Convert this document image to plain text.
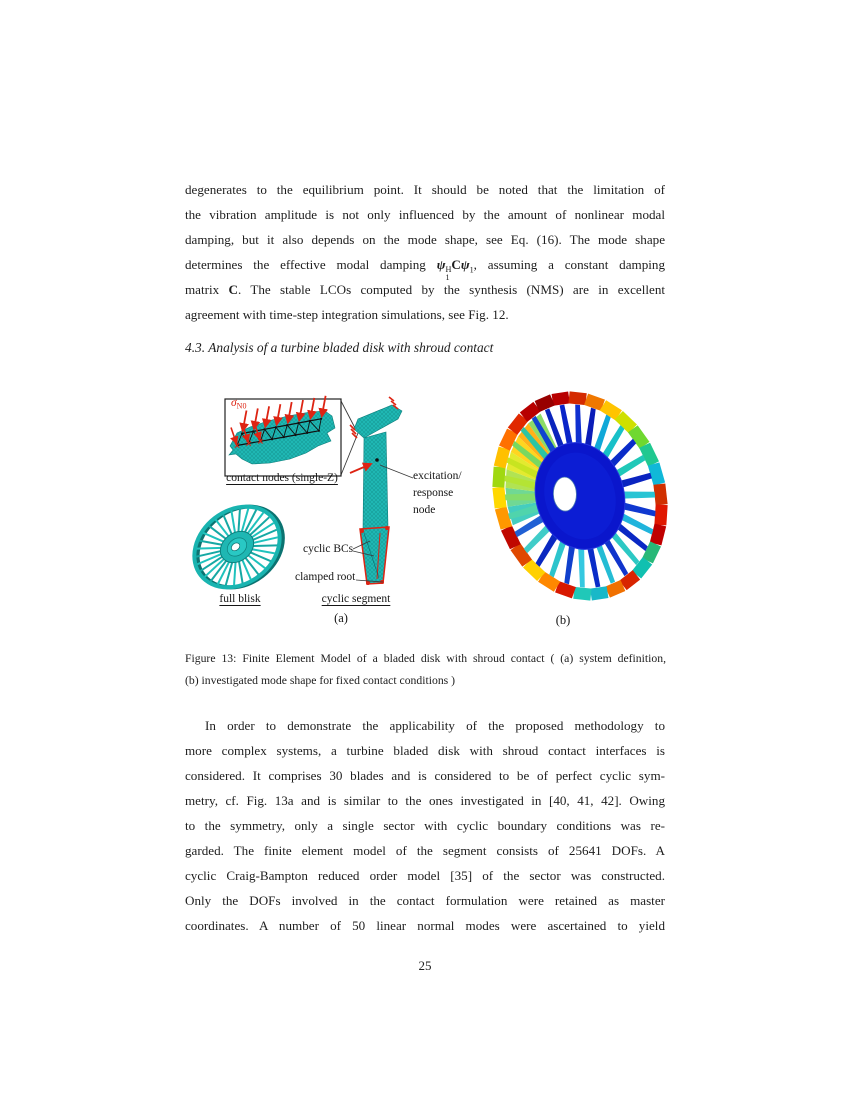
degenerates to the equilibrium point. It should be noted that the limitation of
the vibration amplitude is not only influenced by the amount of nonlinear modal
damping, but it also depends on the mode shape, see Eq. (16). The mode shape
determines the effective modal damping ψ H
1
$C\psi_1$, assuming a constant damping
matrix C. The stable LCOs computed by the synthesis (NMS) are in excellent
agreement with time-step integration simulations, see Fig. 12.
4.3. Analysis of a turbine bladed disk with shroud contact
$\sigma_{N0}$
contact nodes (single-Z)	excitation/
response
node
cyclic BCs
clamped root
full blisk	cyclic segment
(a)	(b)
Figure 13: Finite Element Model of a bladed disk with shroud contact ( (a) system definition,
(b) investigated mode shape for fixed contact conditions )
In order to demonstrate the applicability of the proposed methodology to
more complex systems, a turbine bladed disk with shroud contact interfaces is
considered. It comprises 30 blades and is considered to be of perfect cyclic sym-
metry, cf. Fig. 13a and is similar to the ones investigated in [40, 41, 42]. Owing
to the symmetry, only a single sector with cyclic boundary conditions was re-
garded. The finite element model of the segment consists of 25641 DOFs. A
cyclic Craig-Bampton reduced order model [35] of the sector was constructed.
Only the DOFs involved in the contact formulation were retained as master
coordinates. A number of 50 linear normal modes were ascertained to yield
25
